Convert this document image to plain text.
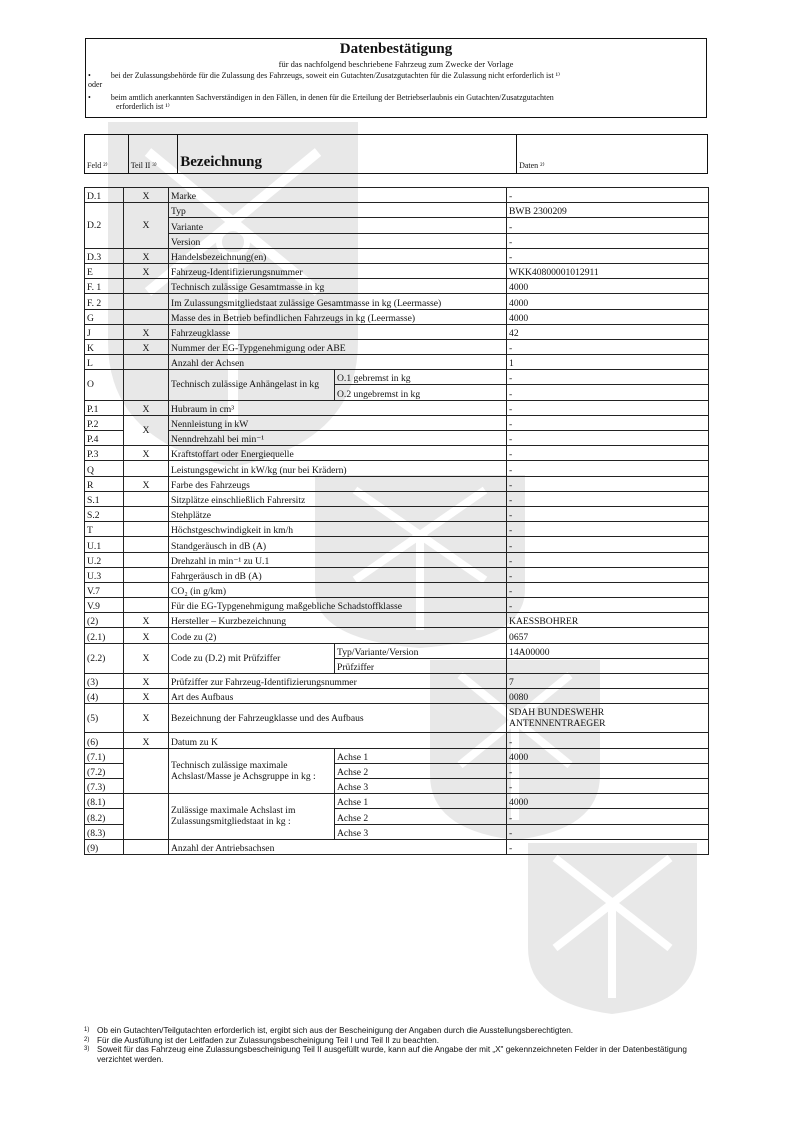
Datenbestätigung
für das nachfolgend beschriebene Fahrzeug zum Zwecke der Vorlage
•	bei der Zulassungsbehörde für die Zulassung des Fahrzeugs, soweit ein Gutachten/Zusatzgutachten für die Zulassung nicht erforderlich ist ¹⁾
oder
•	beim amtlich anerkannten Sachverständigen in den Fällen, in denen für die Erteilung der Betriebserlaubnis ein Gutachten/Zusatzgutachten
erforderlich ist ¹⁾
Feld ²⁾	Teil II ³⁾	Bezeichnung	Daten ²⁾
D.1	X	Marke		-
D.2	X	Typ		BWB 2300209
		Variante		-
		Version		-
D.3	X	Handelsbezeichnung(en)		-
E	X	Fahrzeug-Identifizierungsnummer		WKK40800001012911
F. 1		Technisch zulässige Gesamtmasse in kg		4000
F. 2		Im Zulassungsmitgliedstaat zulässige Gesamtmasse in kg (Leermasse)		4000
G		Masse des in Betrieb befindlichen Fahrzeugs in kg (Leermasse)		4000
J	X	Fahrzeugklasse		42
K	X	Nummer der EG-Typgenehmigung oder ABE		-
L		Anzahl der Achsen		1
O		Technisch zulässige Anhängelast in kg	O.1 gebremst in kg	-
			O.2 ungebremst in kg	-
P.1	X	Hubraum in cm³		-
P.2	X	Nennleistung in kW		-
P.4		Nenndrehzahl bei min⁻¹		-
P.3	X	Kraftstoffart oder Energiequelle		-
Q		Leistungsgewicht in kW/kg (nur bei Krädern)		-
R	X	Farbe des Fahrzeugs		-
S.1		Sitzplätze einschließlich Fahrersitz		-
S.2		Stehplätze		-
T		Höchstgeschwindigkeit in km/h		-
U.1		Standgeräusch in dB (A)		-
U.2		Drehzahl in min⁻¹ zu U.1		-
U.3		Fahrgeräusch in dB (A)		-
V.7		CO₂ (in g/km)		-
V.9		Für die EG-Typgenehmigung maßgebliche Schadstoffklasse		-
(2)	X	Hersteller – Kurzbezeichnung		KAESSBOHRER
(2.1)	X	Code zu (2)		0657
(2.2)	X	Code zu (D.2) mit Prüfziffer	Typ/Variante/Version	14A00000
			Prüfziffer	
(3)	X	Prüfziffer zur Fahrzeug-Identifizierungsnummer		7
(4)	X	Art des Aufbaus		0080
(5)	X	Bezeichnung der Fahrzeugklasse und des Aufbaus		SDAH BUNDESWEHR
ANTENNENTRAEGER

(6)	X	Datum zu K		-
(7.1)		Technisch zulässige maximale Achslast/Masse je Achsgruppe in kg :	Achse 1	4000
(7.2)			Achse 2	-
(7.3)			Achse 3	-
(8.1)		Zulässige maximale Achslast im Zulassungsmitgliedstaat in kg :	Achse 1	4000
(8.2)			Achse 2	-
(8.3)			Achse 3	-
(9)		Anzahl der Antriebsachsen		-
1) Ob ein Gutachten/Teilgutachten erforderlich ist, ergibt sich aus der Bescheinigung der Angaben durch die Ausstellungsberechtigten.
2) Für die Ausfüllung ist der Leitfaden zur Zulassungsbescheinigung Teil I und Teil II zu beachten.
3) Soweit für das Fahrzeug eine Zulassungsbescheinigung Teil II ausgefüllt wurde, kann auf die Angabe der mit „X" gekennzeichneten Felder in der Datenbestätigung verzichtet werden.
